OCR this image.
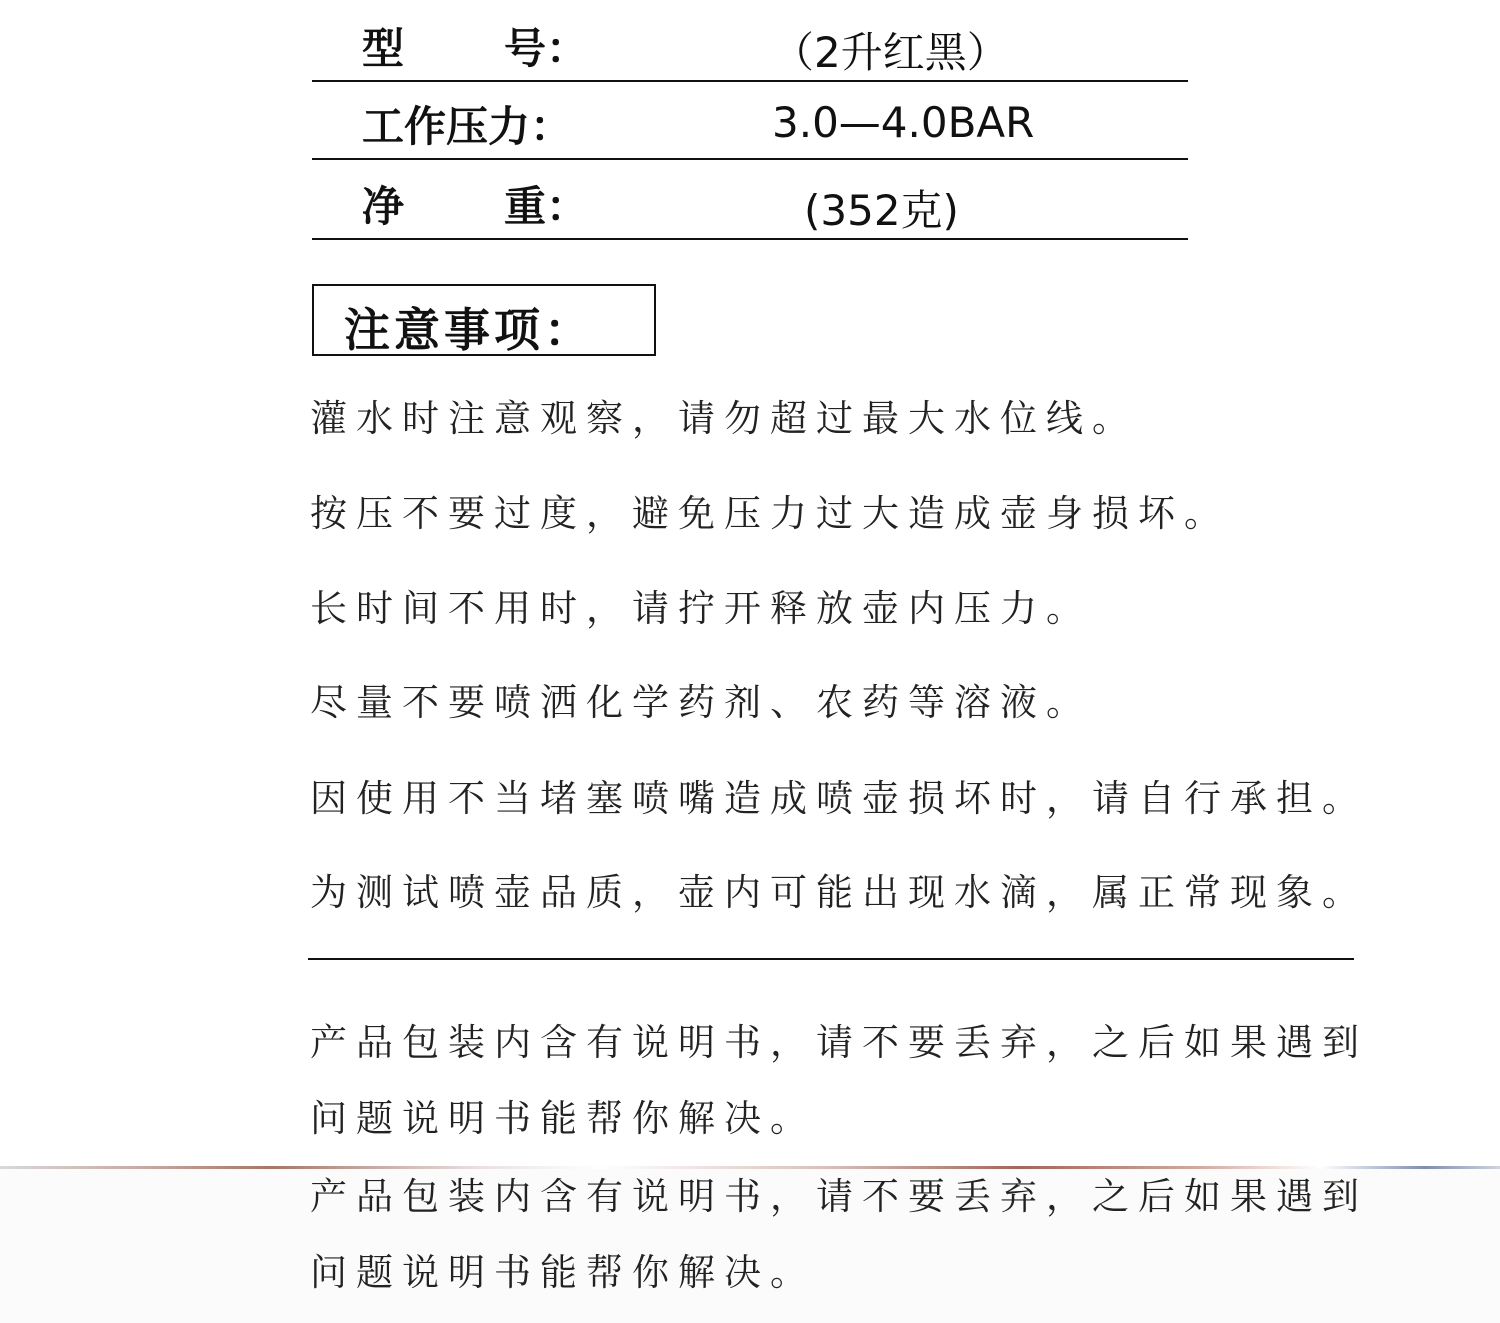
型 号 ：	（2升红黑）
工 作 压 力 ：	3.0—4.0BAR
净 重 ：	(352克)
注意事项：
灌水时注意观察，请勿超过最大水位线。
按压不要过度，避免压力过大造成壶身损坏。
长时间不用时，请拧开释放壶内压力。
尽量不要喷洒化学药剂、农药等溶液。
因使用不当堵塞喷嘴造成喷壶损坏时，请自行承担。
为测试喷壶品质，壶内可能出现水滴，属正常现象。
产品包装内含有说明书，请不要丢弃，之后如果遇到
问题说明书能帮你解决。
产品包装内含有说明书，请不要丢弃，之后如果遇到
问题说明书能帮你解决。
